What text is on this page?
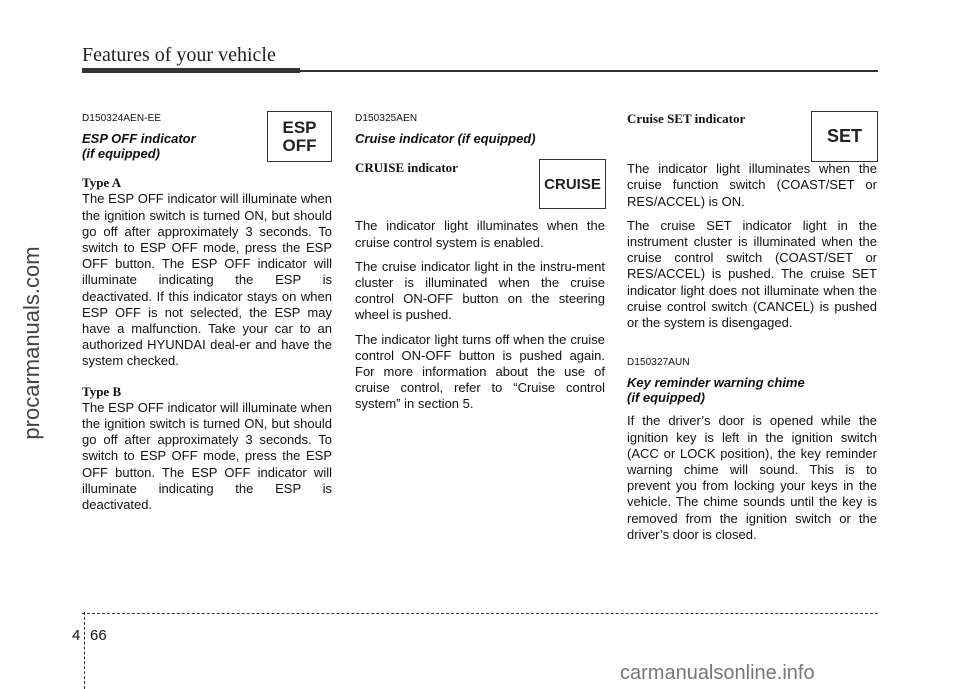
Features of your vehicle
procarmanuals.com
ESP
OFF
D150324AEN-EE
ESP OFF indicator
(if equipped)
Type A

The ESP OFF indicator will illuminate when the ignition switch is turned ON, but should go off after approximately 3 seconds. To switch to ESP OFF mode, press the ESP OFF button. The ESP OFF indicator will illuminate indicating the ESP is deactivated. If this indicator stays on when ESP OFF is not selected, the ESP may have a malfunction. Take your car to an authorized HYUNDAI deal-er and have the system checked.

Type B

The ESP OFF indicator will illuminate when the ignition switch is turned ON, but should go off after approximately 3 seconds. To switch to ESP OFF mode, press the ESP OFF button. The ESP OFF indicator will illuminate indicating the ESP is deactivated.

CRUISE
D150325AEN
Cruise indicator (if equipped)
CRUISE indicator

The indicator light illuminates when the cruise control system is enabled.

The cruise indicator light in the instru-ment cluster is illuminated when the cruise control ON-OFF button on the steering wheel is pushed.

The indicator light turns off when the cruise control ON-OFF button is pushed again. For more information about the use of cruise control, refer to “Cruise control system” in section 5.

SET
Cruise SET indicator

The indicator light illuminates when the cruise function switch (COAST/SET or RES/ACCEL) is ON.

The cruise SET indicator light in the instrument cluster is illuminated when the cruise control switch (COAST/SET or RES/ACCEL) is pushed. The cruise SET indicator light does not illuminate when the cruise control switch (CANCEL) is pushed or the system is disengaged.

D150327AUN
Key reminder warning chime
(if equipped)

If the driver’s door is opened while the ignition key is left in the ignition switch (ACC or LOCK position), the key reminder warning chime will sound. This is to prevent you from locking your keys in the vehicle. The chime sounds until the key is removed from the ignition switch or the driver’s door is closed.

4 66
carmanualsonline.info
